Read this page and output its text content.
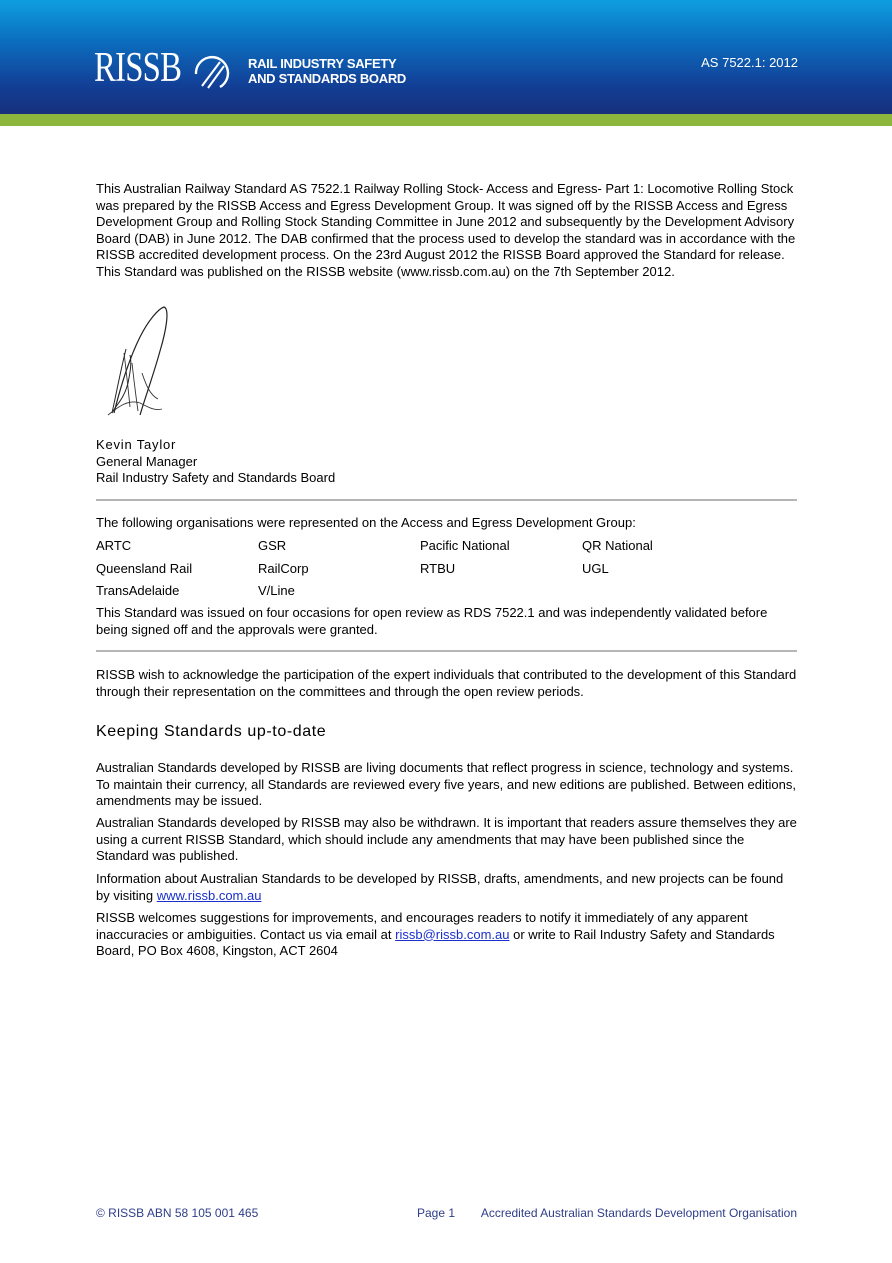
RISSB	RAIL INDUSTRY SAFETY
AND STANDARDS BOARD
AS 7522.1: 2012

This Australian Railway Standard AS 7522.1 Railway Rolling Stock- Access and Egress- Part 1: Locomotive Rolling Stock was prepared by the RISSB Access and Egress Development Group. It was signed off by the RISSB Access and Egress Development Group and Rolling Stock Standing Committee in June 2012 and subsequently by the Development Advisory Board (DAB) in June 2012. The DAB confirmed that the process used to develop the standard was in accordance with the RISSB accredited development process. On the 23rd August 2012 the RISSB Board approved the Standard for release. This Standard was published on the RISSB website (www.rissb.com.au) on the 7th September 2012.

Kevin Taylor
General Manager
Rail Industry Safety and Standards Board

The following organisations were represented on the Access and Egress Development Group:

ARTC	GSR	Pacific National	QR National
Queensland Rail	RailCorp	RTBU	UGL
TransAdelaide	V/Line

This Standard was issued on four occasions for open review as RDS 7522.1 and was independently validated before being signed off and the approvals were granted.

RISSB wish to acknowledge the participation of the expert individuals that contributed to the development of this Standard through their representation on the committees and through the open review periods.

Keeping Standards up-to-date

Australian Standards developed by RISSB are living documents that reflect progress in science, technology and systems. To maintain their currency, all Standards are reviewed every five years, and new editions are published. Between editions, amendments may be issued.

Australian Standards developed by RISSB may also be withdrawn. It is important that readers assure themselves they are using a current RISSB Standard, which should include any amendments that may have been published since the Standard was published.

Information about Australian Standards to be developed by RISSB, drafts, amendments, and new projects can be found by visiting www.rissb.com.au

RISSB welcomes suggestions for improvements, and encourages readers to notify it immediately of any apparent inaccuracies or ambiguities. Contact us via email at rissb@rissb.com.au or write to Rail Industry Safety and Standards Board, PO Box 4608, Kingston, ACT 2604

© RISSB ABN 58 105 001 465	Page 1 Accredited Australian Standards Development Organisation
